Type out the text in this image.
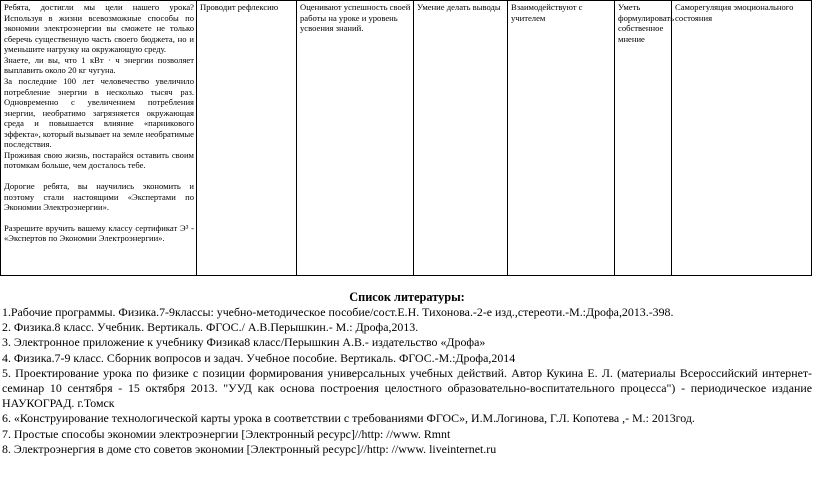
Ребята, достигли мы цели нашего урока? Используя в жизни всевозможные способы по экономии электроэнергии вы сможете не только сберечь существенную часть своего бюджета, но и уменьшите нагрузку на окружающую среду.

Знаете, ли вы, что 1 кВт · ч энергии позволяет выплавить около 20 кг чугуна.

За последние 100 лет человечество увеличило потребление энергии в несколько тысяч раз. Одновременно с увеличением потребления энергии, необратимо загрязняется окружающая среда и повышается влияние «парникового эффекта», который вызывает на земле необратимые последствия.

Проживая свою жизнь, постарайся оставить своим потомкам больше, чем досталось тебе.

Дорогие ребята, вы научились экономить и поэтому стали настоящими «Экспертами по Экономии Электроэнергии».

Разрешите вручить вашему классу сертификат Э³ - «Экспертов по Экономии Электроэнергии».

	Проводит рефлексию	Оценивают успешность своей работы на уроке и уровень усвоения знаний.	Умение делать выводы	Взаимодействуют с учителем	Уметь формулировать собственное мнение	Саморегуляция эмоционального состояния
Список литературы:
1.Рабочие программы. Физика.7-9классы: учебно-методическое пособие/сост.Е.Н. Тихонова.-2-е изд.,стереоти.-М.:Дрофа,2013.-398.
2. Физика.8 класс. Учебник. Вертикаль. ФГОС./ А.В.Перышкин.- М.: Дрофа,2013.
3. Электронное приложение к учебнику Физика8 класс/Перышкин А.В.- издательство «Дрофа»
4. Физика.7-9 класс. Сборник вопросов и задач. Учебное пособие. Вертикаль. ФГОС.-М.:Дрофа,2014
5. Проектирование урока по физике с позиции формирования универсальных учебных действий. Автор Кукина Е. Л. (материалы Всероссийский интернет-семинар 10 сентября - 15 октября 2013. "УУД как основа построения целостного образовательно-воспитательного процесса") - периодическое издание НАУКОГРАД. г.Томск
6. «Конструирование технологической карты урока в соответствии с требованиями ФГОС», И.М.Логинова, Г.Л. Копотева ,- М.: 2013год.
7. Простые способы экономии электроэнергии [Электронный ресурс]//http: //www. Rmnt
8. Электроэнергия в доме сто советов экономии [Электронный ресурс]//http: //www. liveinternet.ru
